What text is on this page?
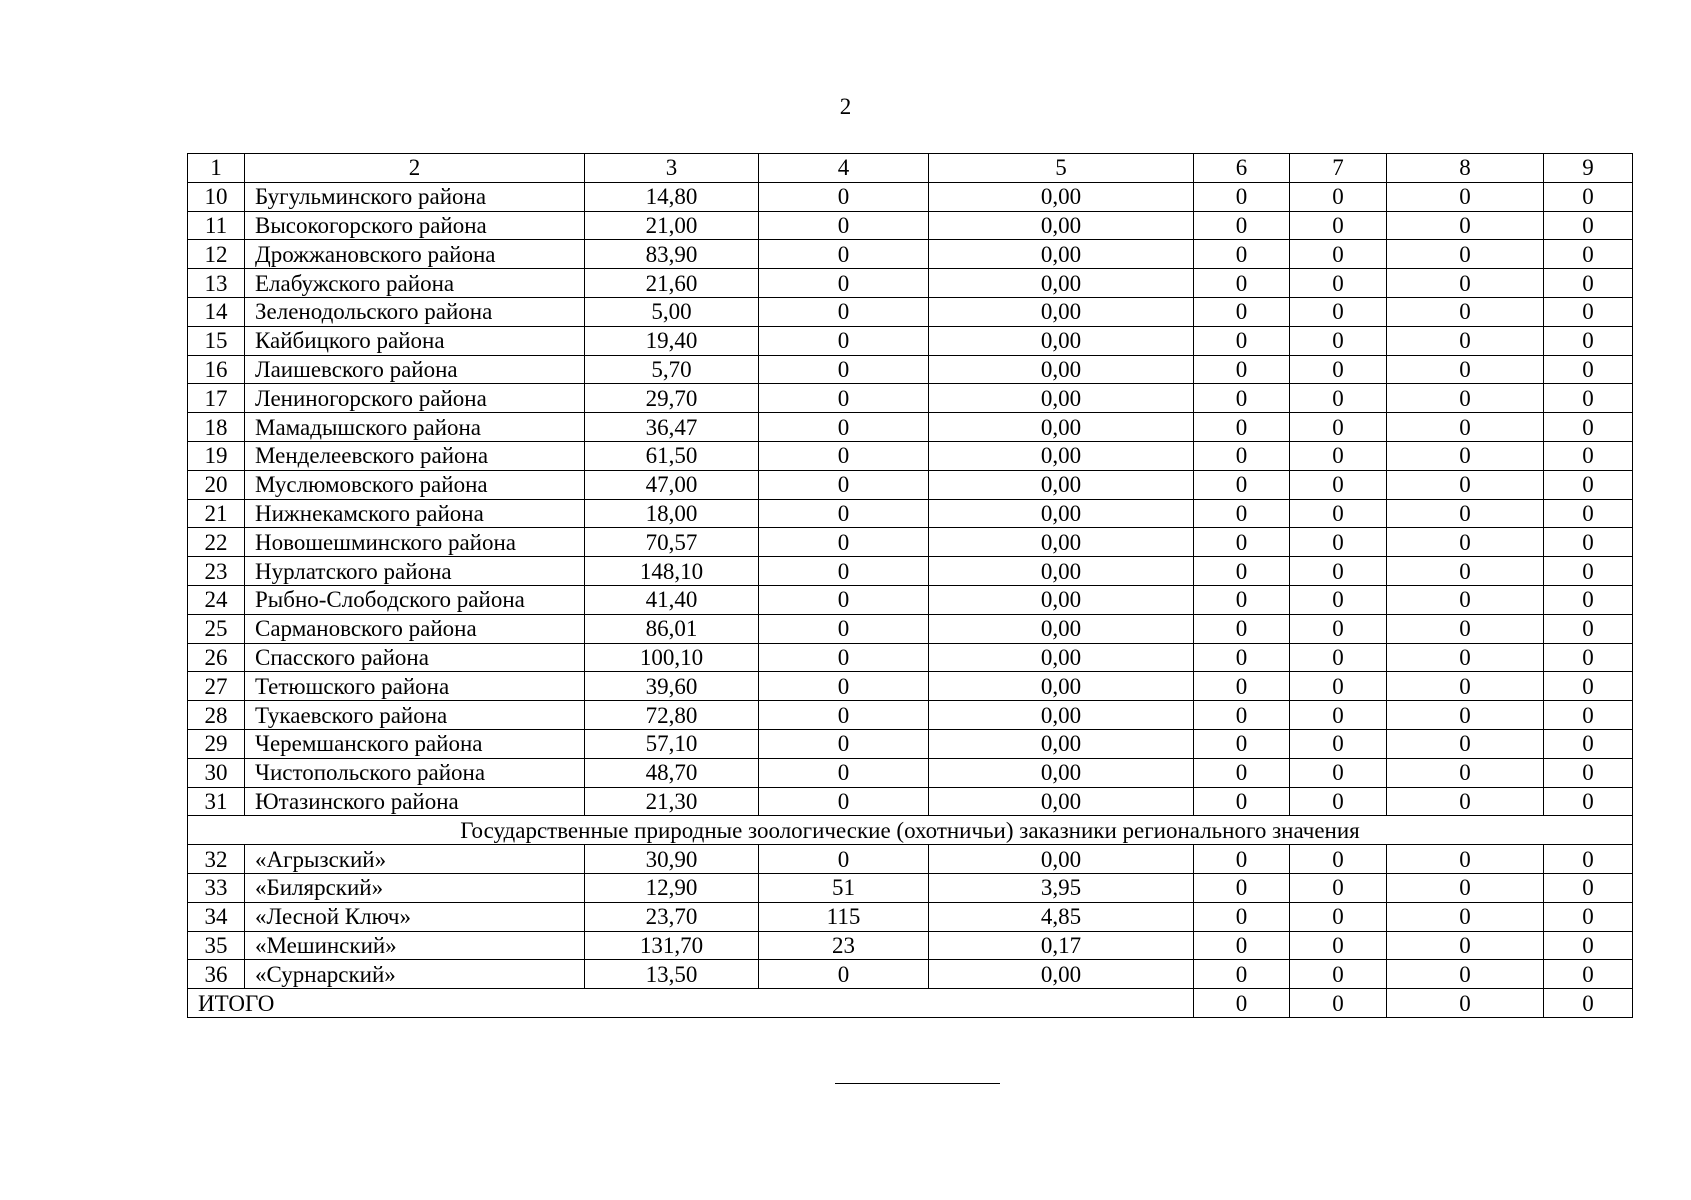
2
1	2	3	4	5	6	7	8	9
10	Бугульминского района	14,80	0	0,00	0	0	0	0
11	Высокогорского района	21,00	0	0,00	0	0	0	0
12	Дрожжановского района	83,90	0	0,00	0	0	0	0
13	Елабужского района	21,60	0	0,00	0	0	0	0
14	Зеленодольского района	5,00	0	0,00	0	0	0	0
15	Кайбицкого района	19,40	0	0,00	0	0	0	0
16	Лаишевского района	5,70	0	0,00	0	0	0	0
17	Лениногорского района	29,70	0	0,00	0	0	0	0
18	Мамадышского района	36,47	0	0,00	0	0	0	0
19	Менделеевского района	61,50	0	0,00	0	0	0	0
20	Муслюмовского района	47,00	0	0,00	0	0	0	0
21	Нижнекамского района	18,00	0	0,00	0	0	0	0
22	Новошешминского района	70,57	0	0,00	0	0	0	0
23	Нурлатского района	148,10	0	0,00	0	0	0	0
24	Рыбно-Слободского района	41,40	0	0,00	0	0	0	0
25	Сармановского района	86,01	0	0,00	0	0	0	0
26	Спасского района	100,10	0	0,00	0	0	0	0
27	Тетюшского района	39,60	0	0,00	0	0	0	0
28	Тукаевского района	72,80	0	0,00	0	0	0	0
29	Черемшанского района	57,10	0	0,00	0	0	0	0
30	Чистопольского района	48,70	0	0,00	0	0	0	0
31	Ютазинского района	21,30	0	0,00	0	0	0	0
Государственные природные зоологические (охотничьи) заказники регионального значения								
32	«Агрызский»	30,90	0	0,00	0	0	0	0
33	«Билярский»	12,90	51	3,95	0	0	0	0
34	«Лесной Ключ»	23,70	115	4,85	0	0	0	0
35	«Мешинский»	131,70	23	0,17	0	0	0	0
36	«Сурнарский»	13,50	0	0,00	0	0	0	0
ИТОГО					0	0	0	0
